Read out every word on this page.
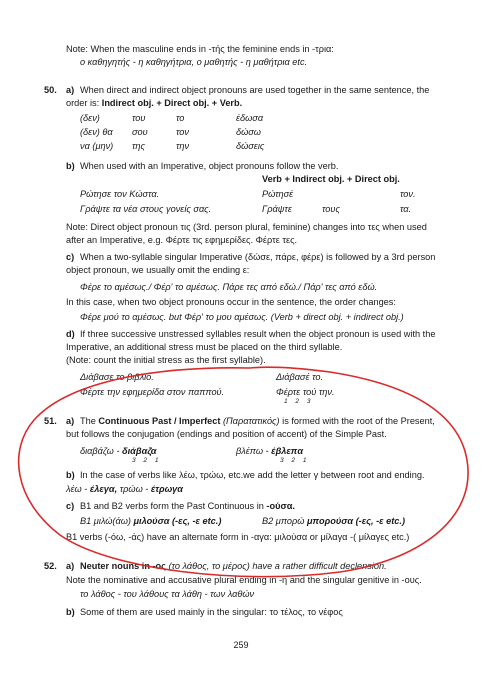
Note: When the masculine ends in -τής the feminine ends in -τρια:
ο καθηγητής - η καθηγήτρια, ο μαθητής - η μαθήτρια etc.
50. a) When direct and indirect object pronouns are used together in the same sentence, the
order is: Indirect obj. + Direct obj. + Verb.
(δεν)	του	το	έδωσα
(δεν) θα σου	τον	δώσω
να (μην) της	την	δώσεις
b) When used with an Imperative, object pronouns follow the verb.
Verb + Indirect obj. + Direct obj.
Ρώτησε τον Κώστα.	Ρώτησέ	τον.
Γράψτε τα νέα στους γονείς σας.	Γράψτε	τους	τα.
Note: Direct object pronoun τις (3rd. person plural, feminine) changes into τες when used
after an Imperative, e.g. Φέρτε τις εφημερίδες. Φέρτε τες.
c) When a two-syllable singular Imperative (δώσε, πάρε, φέρε) is followed by a 3rd person
object pronoun, we usually omit the ending ε:
Φέρε το αμέσως./ Φέρ' το αμέσως. Πάρε τες από εδώ./ Πάρ' τες από εδώ.
In this case, when two object pronouns occur in the sentence, the order changes:
Φέρε μού το αμέσως. but Φέρ' το μου αμέσως. (Verb + direct obj. + indirect obj.)
d) If three successive unstressed syllables result when the object pronoun is used with the
Imperative, an additional stress must be placed on the third syllable.
(Note: count the initial stress as the first syllable).
Διάβασε το βιβλίο.	Διάβασέ το.
Φέρτε την εφημερίδα στον παππού.	Φέρτε τού την.
1 2 3
51. a) The Continuous Past / Imperfect (Παρατατικός) is formed with the root of the Present,
but follows the conjugation (endings and position of accent) of the Simple Past.
διαβάζω - διάβαζα
3 2 1
βλέπω - έβλεπα
3 2 1
b) In the case of verbs like λέω, τρώω, etc.we add the letter γ between root and ending.
λέω - έλεγα, τρώω - έτρωγα
c) B1 and B2 verbs form the Past Continuous in -ούσα.
B1 μιλώ(άω) μιλούσα (-ες, -ε etc.)	B2 μπορώ μπορούσα (-ες, -ε etc.)
B1 verbs (-όω, -άς) have an alternate form in -αγα: μιλούσα or μίλαγα -( μίλαγες etc.)
52. a) Neuter nouns in -ος (το λάθος, το μέρος) have a rather difficult declension.
Note the nominative and accusative plural ending in -η and the singular genitive in -ους.
το λάθος - του λάθους τα λάθη - των λαθών
b) Some of them are used mainly in the singular: το τέλος, το νέφος
259
